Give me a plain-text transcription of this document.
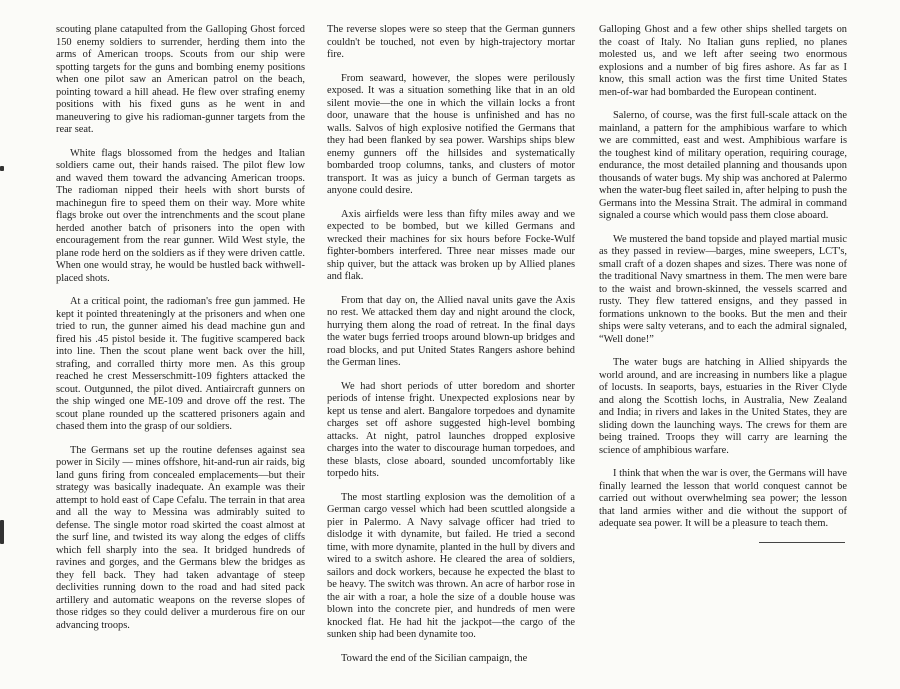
scouting plane catapulted from the Galloping Ghost forced 150 enemy soldiers to surrender, herding them into the arms of American troops. Scouts from our ship were spotting targets for the guns and bombing enemy positions when one pilot saw an American patrol on the beach, pointing toward a hill ahead. He flew over strafing enemy positions with his fixed guns as he went in and maneuvering to give his radioman-gunner targets from the rear seat.

White flags blossomed from the hedges and Italian soldiers came out, their hands raised. The pilot flew low and waved them toward the advancing American troops. The radioman nipped their heels with short bursts of machinegun fire to speed them on their way. More white flags broke out over the intrenchments and the scout plane herded another batch of prisoners into the open with encouragement from the rear gunner. Wild West style, the plane rode herd on the soldiers as if they were driven cattle. When one would stray, he would be hustled back withwell-placed shots.

At a critical point, the radioman's free gun jammed. He kept it pointed threateningly at the prisoners and when one tried to run, the gunner aimed his dead machine gun and fired his .45 pistol beside it. The fugitive scampered back into line. Then the scout plane went back over the hill, strafing, and corralled thirty more men. As this group reached he crest Messerschmitt-109 fighters attacked the scout. Outgunned, the pilot dived. Antiaircraft gunners on the ship winged one ME-109 and drove off the rest. The scout plane rounded up the scattered prisoners again and chased them into the grasp of our soldiers.

The Germans set up the routine defenses against sea power in Sicily — mines offshore, hit-and-run air raids, big land guns firing from concealed emplacements—but their strategy was basically inadequate. An example was their attempt to hold east of Cape Cefalu. The terrain in that area and all the way to Messina was admirably suited to defense. The single motor road skirted the coast almost at the surf line, and twisted its way along the edges of cliffs which fell sharply into the sea. It bridged hundreds of ravines and gorges, and the Germans blew the bridges as they fell back. They had taken advantage of steep declivities running down to the road and had sited pack artillery and automatic weapons on the reverse slopes of those ridges so they could deliver a murderous fire on our advancing troops.

The reverse slopes were so steep that the German gunners couldn't be touched, not even by high-trajectory mortar fire.

From seaward, however, the slopes were perilously exposed. It was a situation something like that in an old silent movie—the one in which the villain locks a front door, unaware that the house is unfinished and has no walls. Salvos of high explosive notified the Germans that they had been flanked by sea power. Warships ships blew enemy gunners off the hillsides and systematically bombarded troop columns, tanks, and clusters of motor transport. It was as juicy a bunch of German targets as anyone could desire.

Axis airfields were less than fifty miles away and we expected to be bombed, but we killed Germans and wrecked their machines for six hours before Focke-Wulf fighter-bombers interfered. Three near misses made our ship quiver, but the attack was broken up by Allied planes and flak.

From that day on, the Allied naval units gave the Axis no rest. We attacked them day and night around the clock, hurrying them along the road of retreat. In the final days the water bugs ferried troops around blown-up bridges and road blocks, and put United States Rangers ashore behind the German lines.

We had short periods of utter boredom and shorter periods of intense fright. Unexpected explosions near by kept us tense and alert. Bangalore torpedoes and dynamite charges set off ashore suggested high-level bombing attacks. At night, patrol launches dropped explosive charges into the water to discourage human torpedoes, and these blasts, close aboard, sounded uncomfortably like torpedo hits.

The most startling explosion was the demolition of a German cargo vessel which had been scuttled alongside a pier in Palermo. A Navy salvage officer had tried to dislodge it with dynamite, but failed. He tried a second time, with more dynamite, planted in the hull by divers and wired to a switch ashore. He cleared the area of soldiers, sailors and dock workers, because he expected the blast to be heavy. The switch was thrown. An acre of harbor rose in the air with a roar, a hole the size of a double house was blown into the concrete pier, and hundreds of men were knocked flat. He had hit the jackpot—the cargo of the sunken ship had been dynamite too.

Toward the end of the Sicilian campaign, the

Galloping Ghost and a few other ships shelled targets on the coast of Italy. No Italian guns replied, no planes molested us, and we left after seeing two enormous explosions and a number of big fires ashore. As far as I know, this small action was the first time United States men-of-war had bombarded the European continent.

Salerno, of course, was the first full-scale attack on the mainland, a pattern for the amphibious warfare to which we are committed, east and west. Amphibious warfare is the toughest kind of military operation, requiring courage, endurance, the most detailed planning and thousands upon thousands of water bugs. My ship was anchored at Palermo when the water-bug fleet sailed in, after helping to push the Germans into the Messina Strait. The admiral in command signaled a course which would pass them close aboard.

We mustered the band topside and played martial music as they passed in review—barges, mine sweepers, LCT's, small craft of a dozen shapes and sizes. There was none of the traditional Navy smartness in them. The men were bare to the waist and brown-skinned, the vessels scarred and rusty. They flew tattered ensigns, and they passed in formations unknown to the books. But the men and their ships were salty veterans, and to each the admiral signaled, “Well done!”

The water bugs are hatching in Allied shipyards the world around, and are increasing in numbers like a plague of locusts. In seaports, bays, estuaries in the River Clyde and along the Scottish lochs, in Australia, New Zealand and India; in rivers and lakes in the United States, they are sliding down the launching ways. The crews for them are being trained. Troops they will carry are learning the science of amphibious warfare.

I think that when the war is over, the Germans will have finally learned the lesson that world conquest cannot be carried out without overwhelming sea power; the lesson that land armies wither and die without the support of adequate sea power. It will be a pleasure to teach them.
